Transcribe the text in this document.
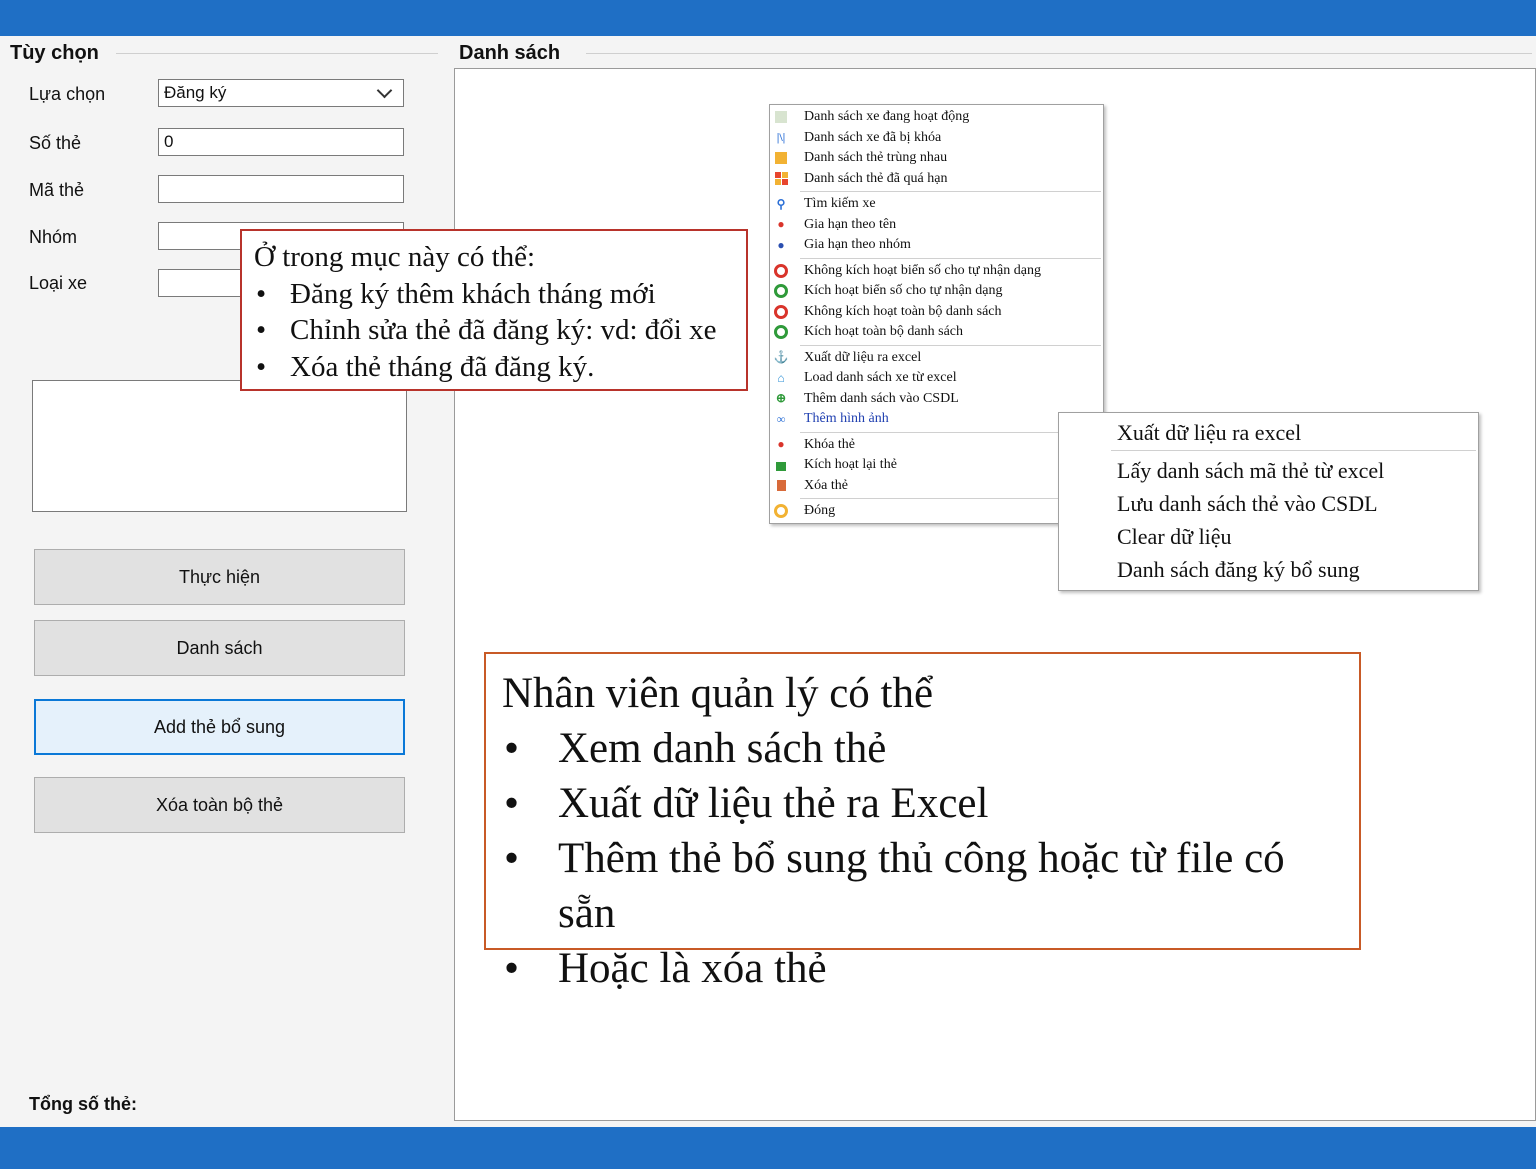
Tùy chọn
Lựa chọn	Đăng ký
Số thẻ	0
Mã thẻ
Nhóm
Loại xe
Thực hiện
Danh sách
Add thẻ bổ sung
Xóa toàn bộ thẻ
Tổng số thẻ:
Danh sách
Ở trong mục này có thể:
• Đăng ký thêm khách tháng mới
• Chỉnh sửa thẻ đã đăng ký: vd: đổi xe
• Xóa thẻ tháng đã đăng ký.
Danh sách xe đang hoạt động
|\| Danh sách xe đã bị khóa
Danh sách thẻ trùng nhau
Danh sách thẻ đã quá hạn
⚲ Tìm kiếm xe
● Gia hạn theo tên
● Gia hạn theo nhóm
Không kích hoạt biển số cho tự nhận dạng
Kích hoạt biển số cho tự nhận dạng
Không kích hoạt toàn bộ danh sách
Kích hoạt toàn bộ danh sách
⚓ Xuất dữ liệu ra excel
⌂ Load danh sách xe từ excel
⊕ Thêm danh sách vào CSDL
∞ Thêm hình ảnh
● Khóa thẻ
Kích hoạt lại thẻ
Xóa thẻ
Đóng
Xuất dữ liệu ra excel
Lấy danh sách mã thẻ từ excel
Lưu danh sách thẻ vào CSDL
Clear dữ liệu
Danh sách đăng ký bổ sung
Nhân viên quản lý có thể
• Xem danh sách thẻ
• Xuất dữ liệu thẻ ra Excel
• Thêm thẻ bổ sung thủ công hoặc từ file có sẵn
• Hoặc là xóa thẻ
